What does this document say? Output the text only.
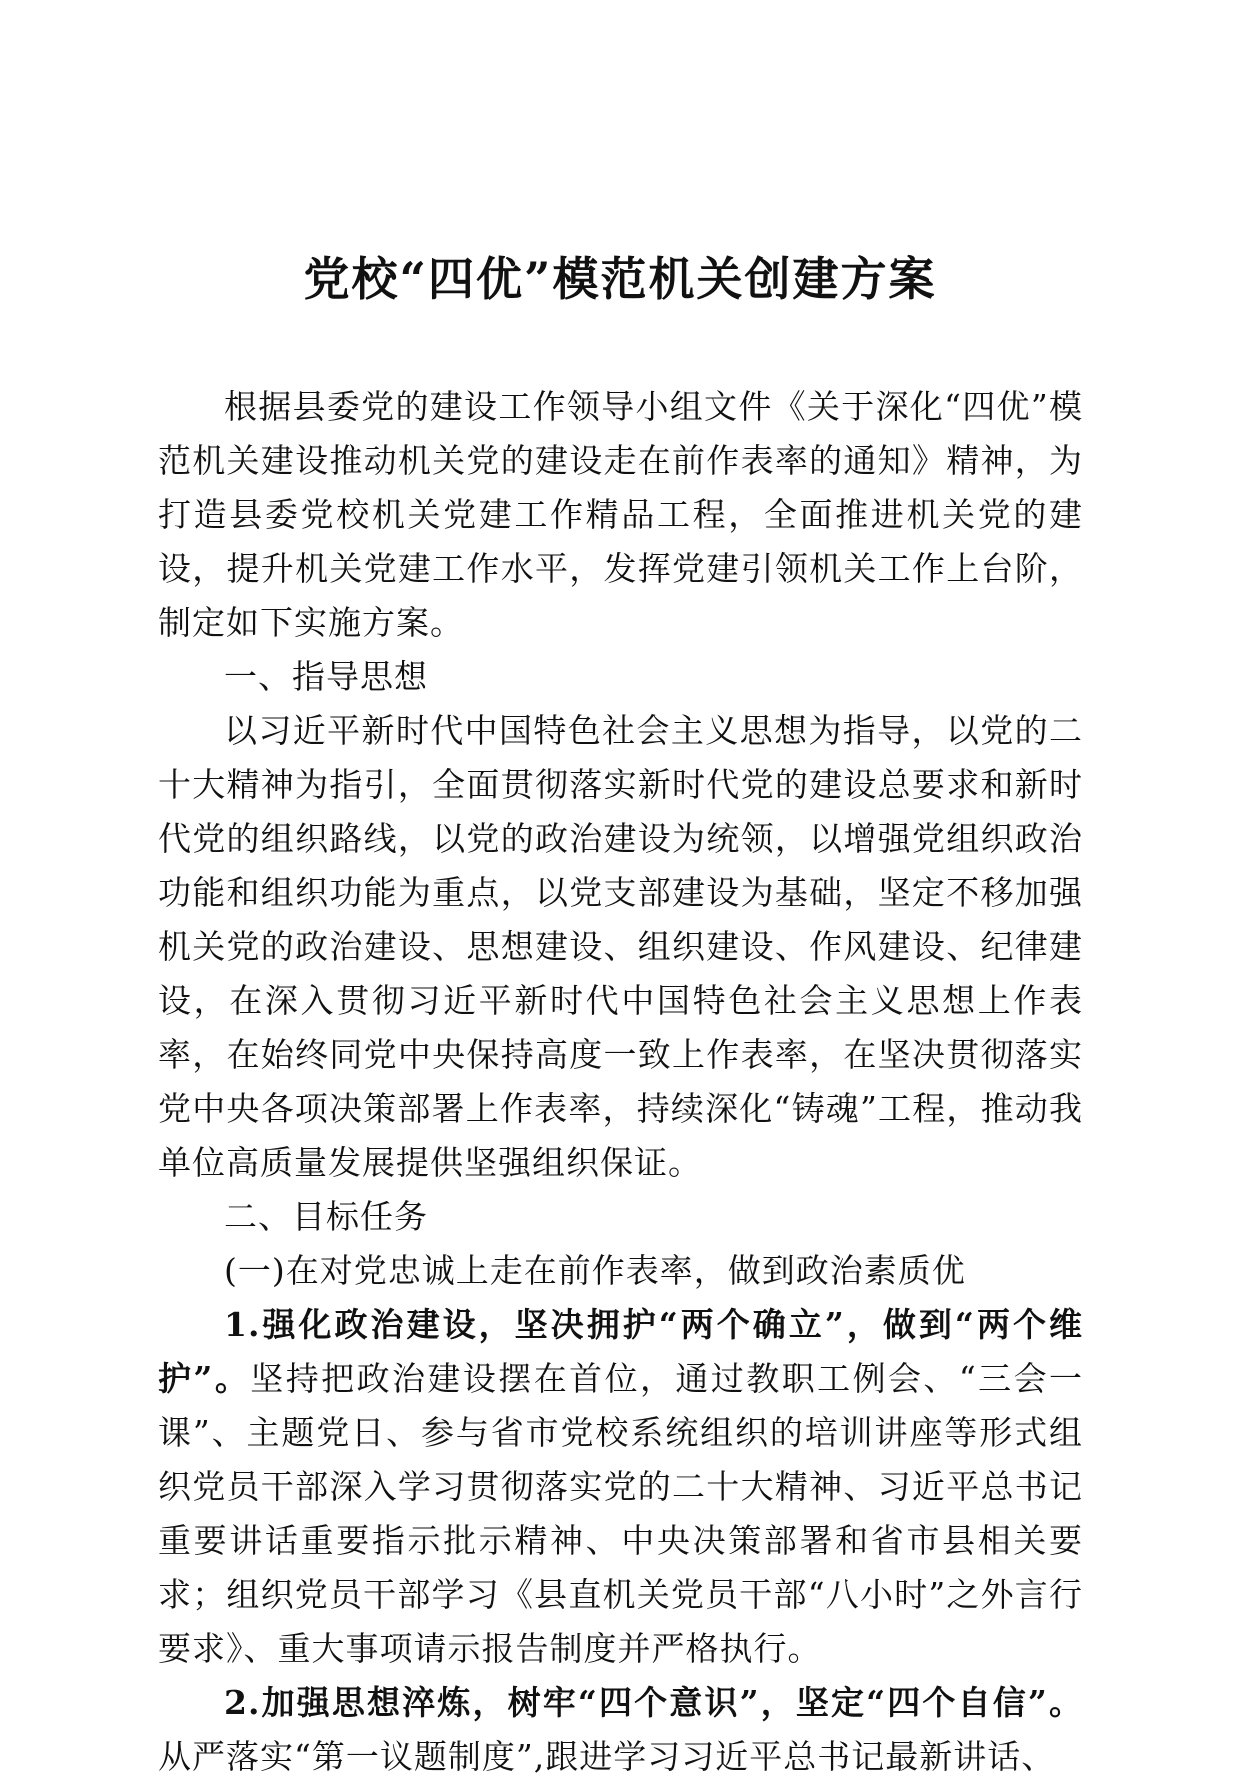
党校“四优”模范机关创建方案

根据县委党的建设工作领导小组文件《关于深化“四优”模范机关建设推动机关党的建设走在前作表率的通知》精神，为打造县委党校机关党建工作精品工程，全面推进机关党的建设，提升机关党建工作水平，发挥党建引领机关工作上台阶，制定如下实施方案。

一、指导思想

以习近平新时代中国特色社会主义思想为指导，以党的二十大精神为指引，全面贯彻落实新时代党的建设总要求和新时代党的组织路线，以党的政治建设为统领，以增强党组织政治功能和组织功能为重点，以党支部建设为基础，坚定不移加强机关党的政治建设、思想建设、组织建设、作风建设、纪律建设，在深入贯彻习近平新时代中国特色社会主义思想上作表率，在始终同党中央保持高度一致上作表率，在坚决贯彻落实党中央各项决策部署上作表率，持续深化“铸魂”工程，推动我单位高质量发展提供坚强组织保证。

二、目标任务

(一)在对党忠诚上走在前作表率，做到政治素质优

1.强化政治建设，坚决拥护“两个确立”，做到“两个维护”。坚持把政治建设摆在首位，通过教职工例会、“三会一课”、主题党日、参与省市党校系统组织的培训讲座等形式组织党员干部深入学习贯彻落实党的二十大精神、习近平总书记重要讲话重要指示批示精神、中央决策部署和省市县相关要求；组织党员干部学习《县直机关党员干部“八小时”之外言行要求》、重大事项请示报告制度并严格执行。

2.加强思想淬炼，树牢“四个意识”，坚定“四个自信”。从严落实“第一议题制度”,跟进学习习近平总书记最新讲话、
